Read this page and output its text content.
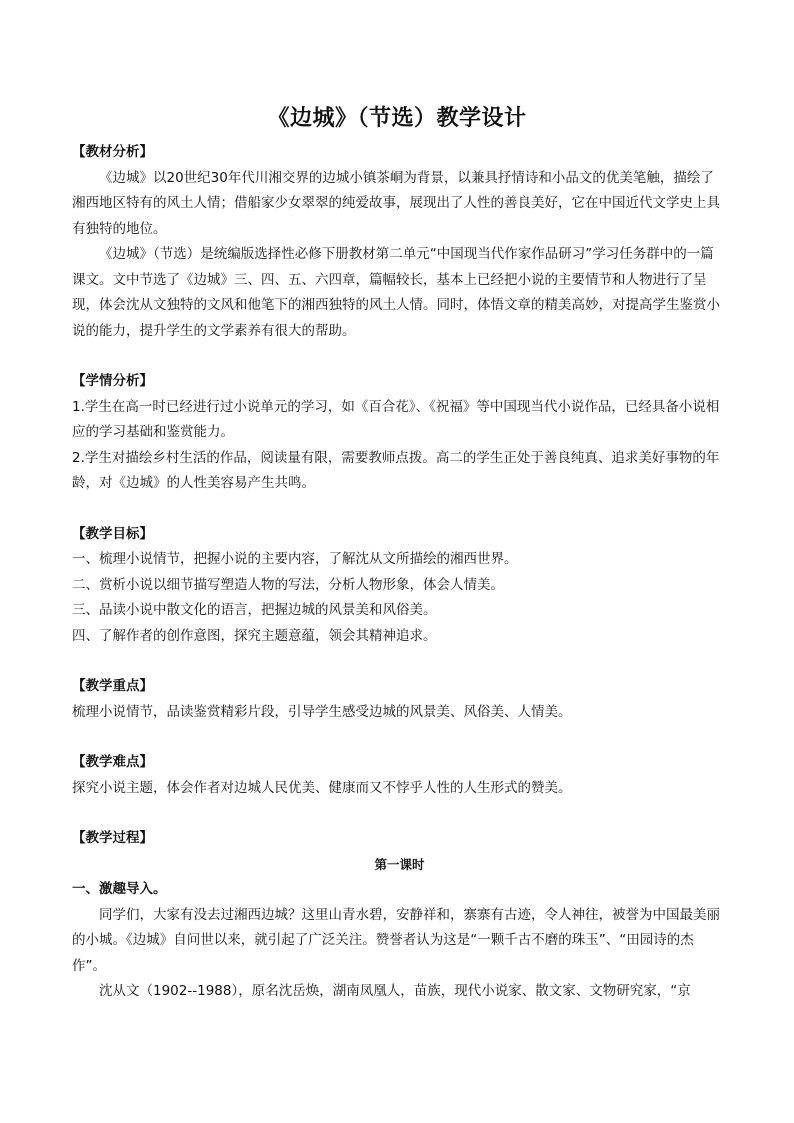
《边城》（节选）教学设计

【教材分析】

《边城》以20世纪30年代川湘交界的边城小镇茶峒为背景，以兼具抒情诗和小品文的优美笔触，描绘了湘西地区特有的风土人情；借船家少女翠翠的纯爱故事，展现出了人性的善良美好，它在中国近代文学史上具有独特的地位。

《边城》（节选）是统编版选择性必修下册教材第二单元“中国现当代作家作品研习”学习任务群中的一篇课文。文中节选了《边城》三、四、五、六四章，篇幅较长，基本上已经把小说的主要情节和人物进行了呈现，体会沈从文独特的文风和他笔下的湘西独特的风土人情。同时，体悟文章的精美高妙，对提高学生鉴赏小说的能力，提升学生的文学素养有很大的帮助。

【学情分析】

1.学生在高一时已经进行过小说单元的学习，如《百合花》、《祝福》等中国现当代小说作品，已经具备小说相应的学习基础和鉴赏能力。

2.学生对描绘乡村生活的作品，阅读量有限，需要教师点拨。高二的学生正处于善良纯真、追求美好事物的年龄，对《边城》的人性美容易产生共鸣。

【教学目标】

一、梳理小说情节，把握小说的主要内容，了解沈从文所描绘的湘西世界。

二、赏析小说以细节描写塑造人物的写法，分析人物形象，体会人情美。

三、品读小说中散文化的语言，把握边城的风景美和风俗美。

四、了解作者的创作意图，探究主题意蕴，领会其精神追求。

【教学重点】

梳理小说情节，品读鉴赏精彩片段，引导学生感受边城的风景美、风俗美、人情美。

【教学难点】

探究小说主题，体会作者对边城人民优美、健康而又不悖乎人性的人生形式的赞美。

【教学过程】

第一课时

一、激趣导入。

同学们，大家有没去过湘西边城？这里山青水碧，安静祥和，寨寨有古迹，令人神往，被誉为中国最美丽的小城。《边城》自问世以来，就引起了广泛关注。赞誉者认为这是“一颗千古不磨的珠玉”、“田园诗的杰作”。

沈从文（1902--1988），原名沈岳焕，湖南凤凰人，苗族，现代小说家、散文家、文物研究家，“京
